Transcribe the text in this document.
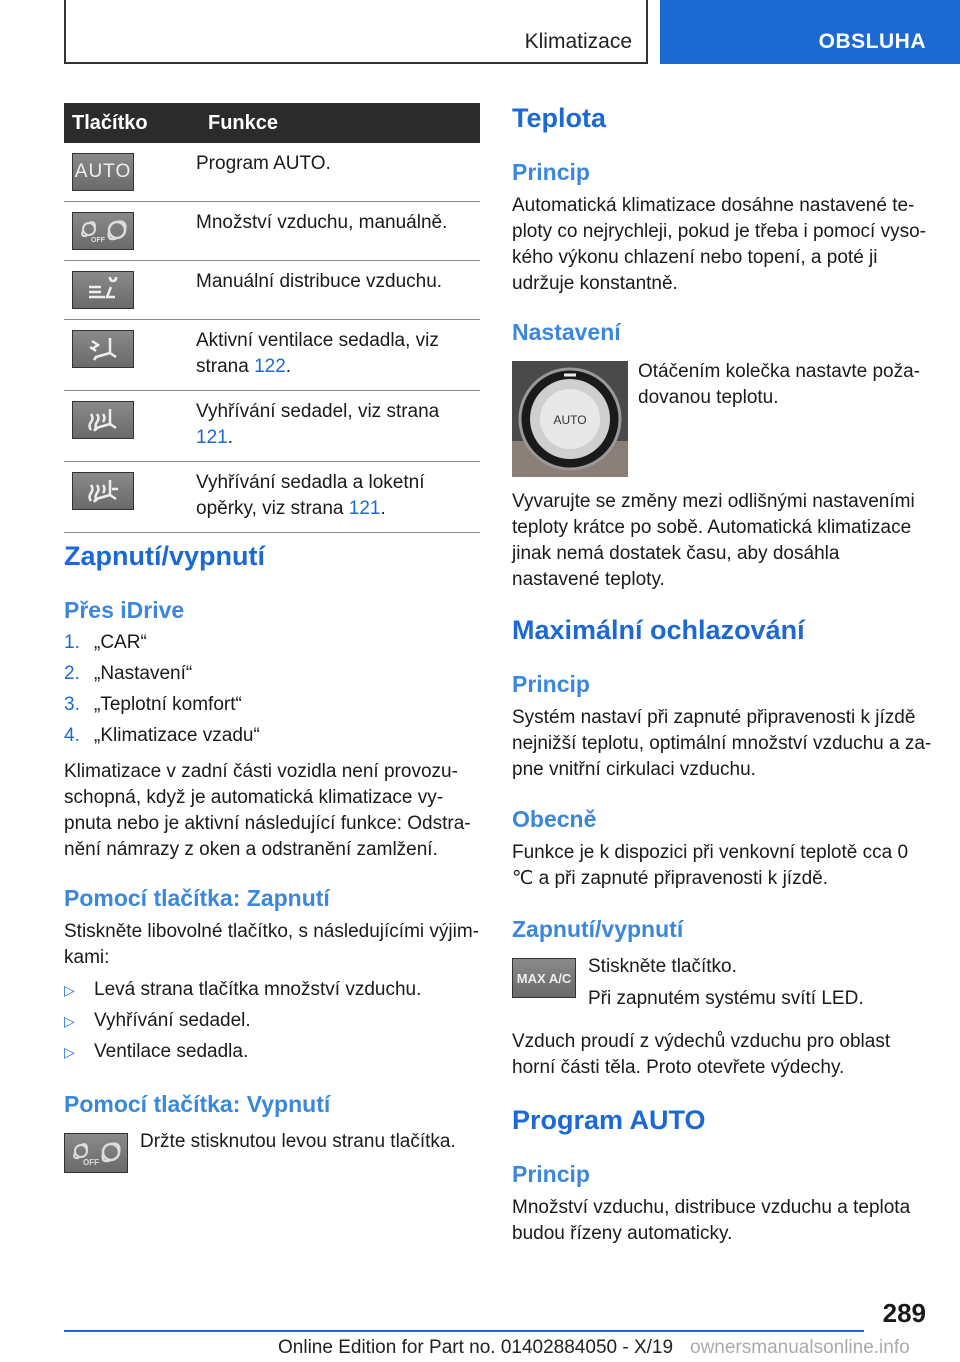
Klimatizace	OBSLUHA
Tlačítko	Funkce

AUTO	Program AUTO.

OFF	Množství vzduchu, manuálně.

	Manuální distribuce vzduchu.

	Aktivní ventilace sedadla, viz strana 122.

	Vyhřívání sedadel, viz strana 121.

	Vyhřívání sedadla a loketní opěrky, viz strana 121.
Zapnutí/vypnutí
Přes iDrive
1. „CAR“
2. „Nastavení“
3. „Teplotní komfort“
4. „Klimatizace vzadu“

Klimatizace v zadní části vozidla není provozu- schopná, když je automatická klimatizace vy- pnuta nebo je aktivní následující funkce: Odstra- nění námrazy z oken a odstranění zamlžení.

Pomocí tlačítka: Zapnutí

Stiskněte libovolné tlačítko, s následujícími výjim- kami:

▷ Levá strana tlačítka množství vzduchu.
▷ Vyhřívání sedadel.
▷ Ventilace sedadla.
Pomocí tlačítka: Vypnutí
OFF

Držte stisknutou levou stranu tlačítka.

Teplota
Princip

Automatická klimatizace dosáhne nastavené te- ploty co nejrychleji, pokud je třeba i pomocí vyso- kého výkonu chlazení nebo topení, a poté ji udržuje konstantně.

Nastavení
AUTO

Otáčením kolečka nastavte poža- dovanou teplotu.

Vyvarujte se změny mezi odlišnými nastaveními teploty krátce po sobě. Automatická klimatizace jinak nemá dostatek času, aby dosáhla nastavené teploty.

Maximální ochlazování
Princip

Systém nastaví při zapnuté připravenosti k jízdě nejnižší teplotu, optimální množství vzduchu a za- pne vnitřní cirkulaci vzduchu.

Obecně

Funkce je k dispozici při venkovní teplotě cca 0 ℃ a při zapnuté připravenosti k jízdě.

Zapnutí/vypnutí
MAX A/C

Stiskněte tlačítko.

Při zapnutém systému svítí LED.

Vzduch proudí z výdechů vzduchu pro oblast horní části těla. Proto otevřete výdechy.

Program AUTO
Princip

Množství vzduchu, distribuce vzduchu a teplota budou řízeny automaticky.

289
Online Edition for Part no. 01402884050 - X/19 ownersmanualsonline.info
